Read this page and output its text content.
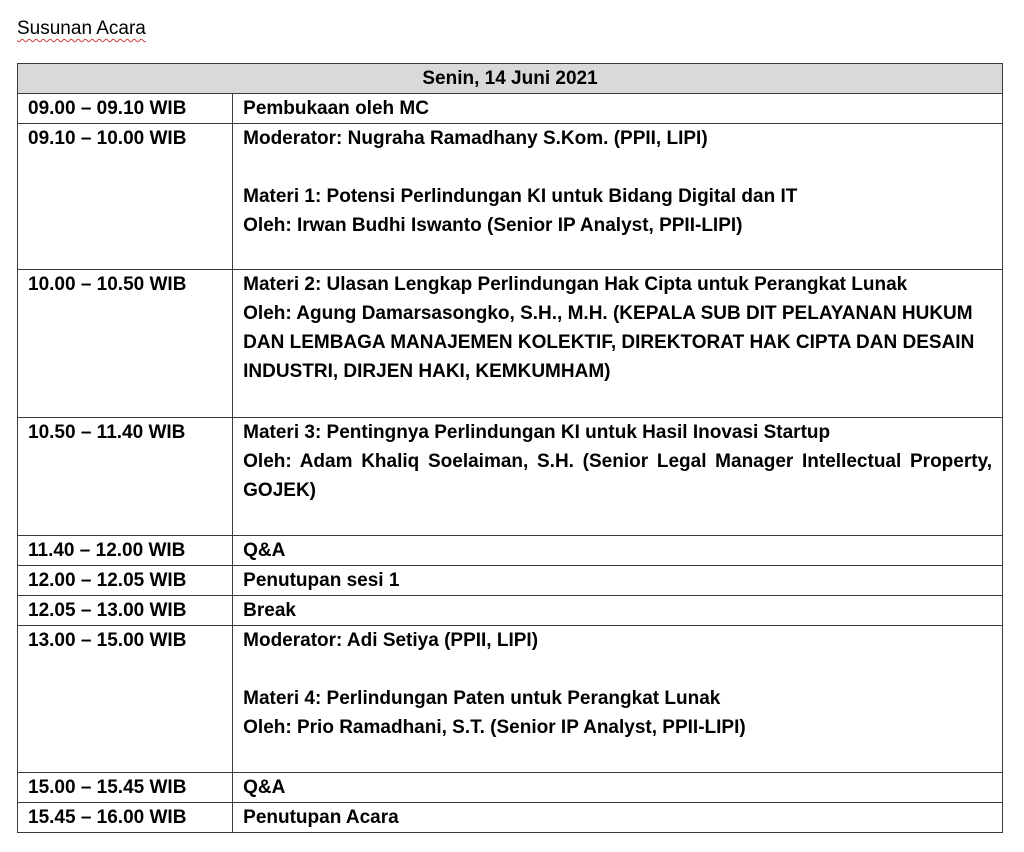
Susunan Acara
Senin, 14 Juni 2021	
09.00 – 09.10 WIB	Pembukaan oleh MC

09.10 – 10.00 WIB	Moderator: Nugraha Ramadhany S.Kom. (PPII, LIPI)
Materi 1: Potensi Perlindungan KI untuk Bidang Digital dan IT
Oleh: Irwan Budhi Iswanto (Senior IP Analyst, PPII-LIPI)

10.00 – 10.50 WIB	Materi 2: Ulasan Lengkap Perlindungan Hak Cipta untuk Perangkat Lunak
Oleh: Agung Damarsasongko, S.H., M.H. (KEPALA SUB DIT PELAYANAN HUKUM DAN LEMBAGA MANAJEMEN KOLEKTIF, DIREKTORAT HAK CIPTA DAN DESAIN INDUSTRI, DIRJEN HAKI, KEMKUMHAM)

10.50 – 11.40 WIB	Materi 3: Pentingnya Perlindungan KI untuk Hasil Inovasi Startup
Oleh: Adam Khaliq Soelaiman, S.H. (Senior Legal Manager Intellectual Property, GOJEK)

11.40 – 12.00 WIB	Q&A

12.00 – 12.05 WIB	Penutupan sesi 1

12.05 – 13.00 WIB	Break

13.00 – 15.00 WIB	Moderator: Adi Setiya (PPII, LIPI)
Materi 4: Perlindungan Paten untuk Perangkat Lunak
Oleh: Prio Ramadhani, S.T. (Senior IP Analyst, PPII-LIPI)

15.00 – 15.45 WIB	Q&A

15.45 – 16.00 WIB	Penutupan Acara
